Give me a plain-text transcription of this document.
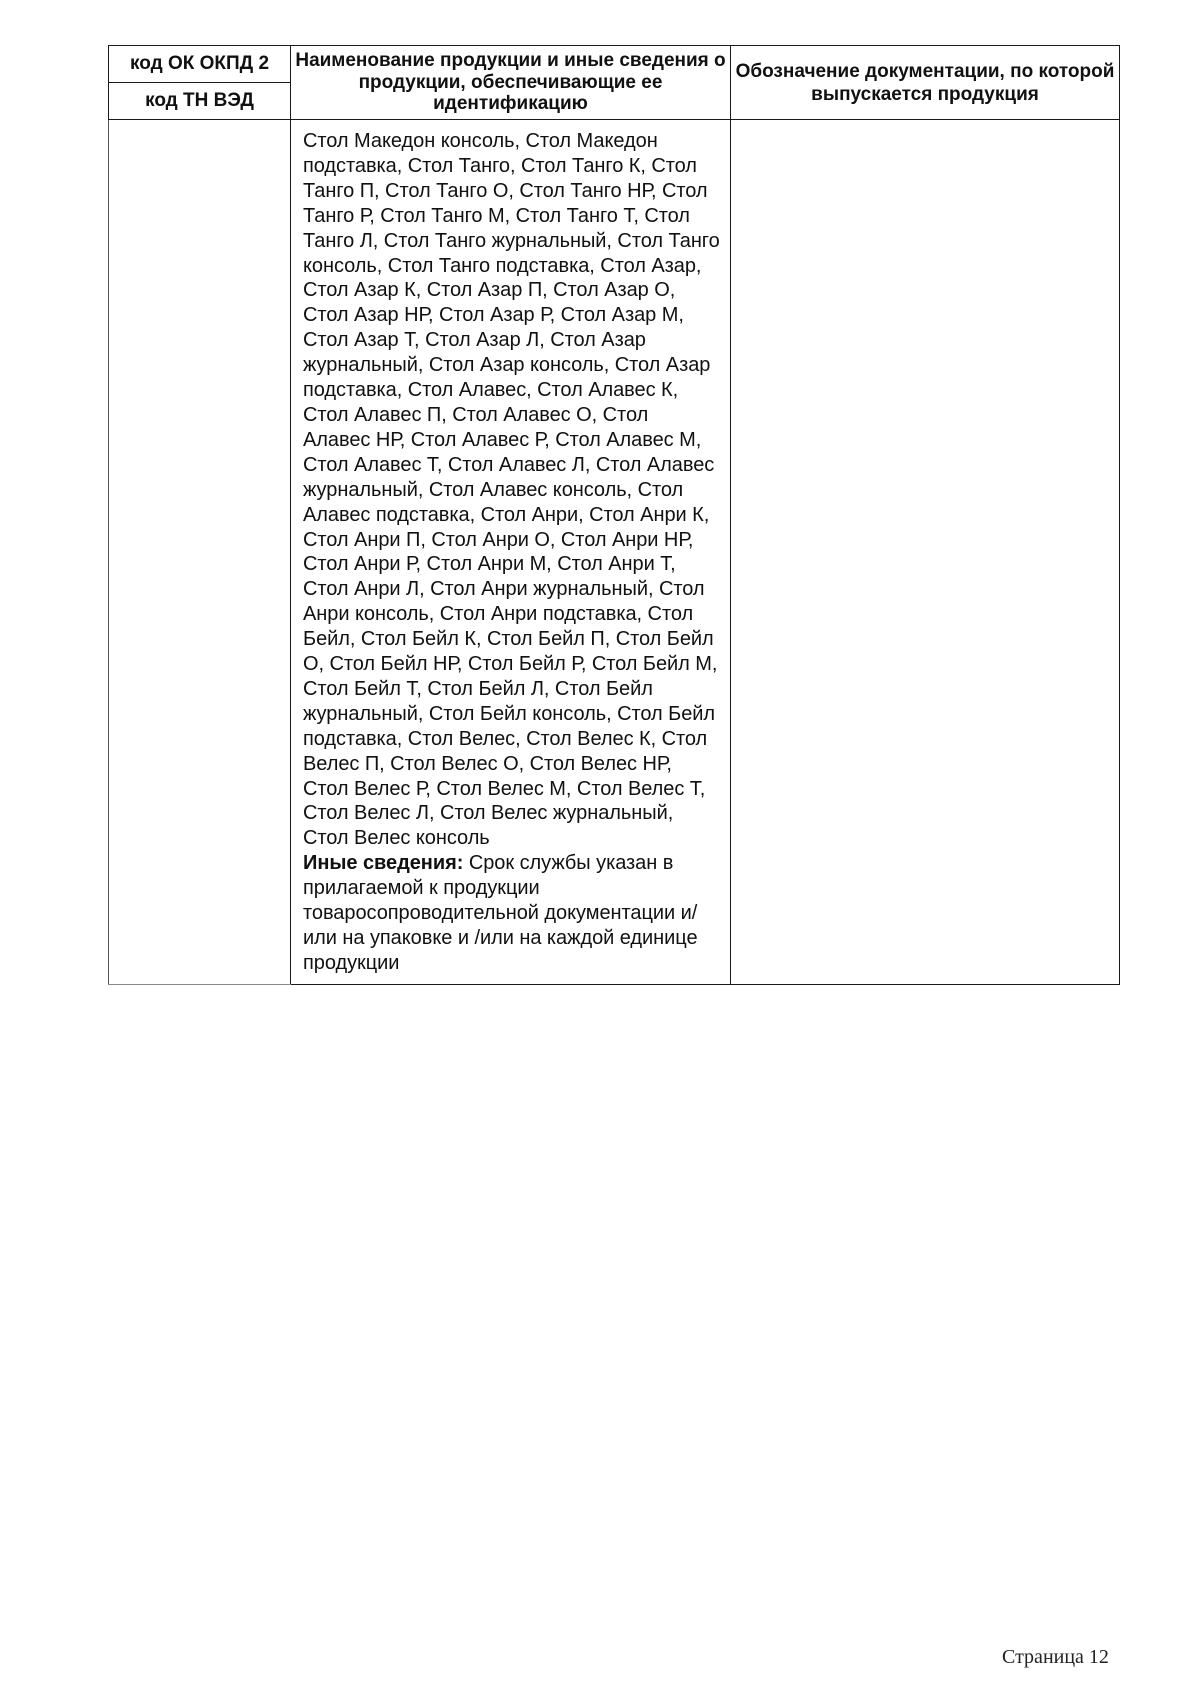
код ОК ОКПД 2	Наименование продукции и иные сведения о продукции, обеспечивающие ее идентификацию	Обозначение документации, по которой выпускается продукция
код ТН ВЭД		
	Стол Македон консоль, Стол Македон подставка, Стол Танго, Стол Танго К, Стол Танго П, Стол Танго О, Стол Танго НР, Стол Танго Р, Стол Танго М, Стол Танго Т, Стол Танго Л, Стол Танго журнальный, Стол Танго консоль, Стол Танго подставка, Стол Азар, Стол Азар К, Стол Азар П, Стол Азар О, Стол Азар НР, Стол Азар Р, Стол Азар М, Стол Азар Т, Стол Азар Л, Стол Азар журнальный, Стол Азар консоль, Стол Азар подставка, Стол Алавес, Стол Алавес К, Стол Алавес П, Стол Алавес О, Стол Алавес НР, Стол Алавес Р, Стол Алавес М, Стол Алавес Т, Стол Алавес Л, Стол Алавес журнальный, Стол Алавес консоль, Стол Алавес подставка, Стол Анри, Стол Анри К, Стол Анри П, Стол Анри О, Стол Анри НР, Стол Анри Р, Стол Анри М, Стол Анри Т, Стол Анри Л, Стол Анри журнальный, Стол Анри консоль, Стол Анри подставка, Стол Бейл, Стол Бейл К, Стол Бейл П, Стол Бейл О, Стол Бейл НР, Стол Бейл Р, Стол Бейл М, Стол Бейл Т, Стол Бейл Л, Стол Бейл журнальный, Стол Бейл консоль, Стол Бейл подставка, Стол Велес, Стол Велес К, Стол Велес П, Стол Велес О, Стол Велес НР, Стол Велес Р, Стол Велес М, Стол Велес Т, Стол Велес Л, Стол Велес журнальный, Стол Велес консоль
Иные сведения: Срок службы указан в прилагаемой к продукции товаросопроводительной документации и/или на упаковке и /или на каждой единице продукции	
Страница 12
